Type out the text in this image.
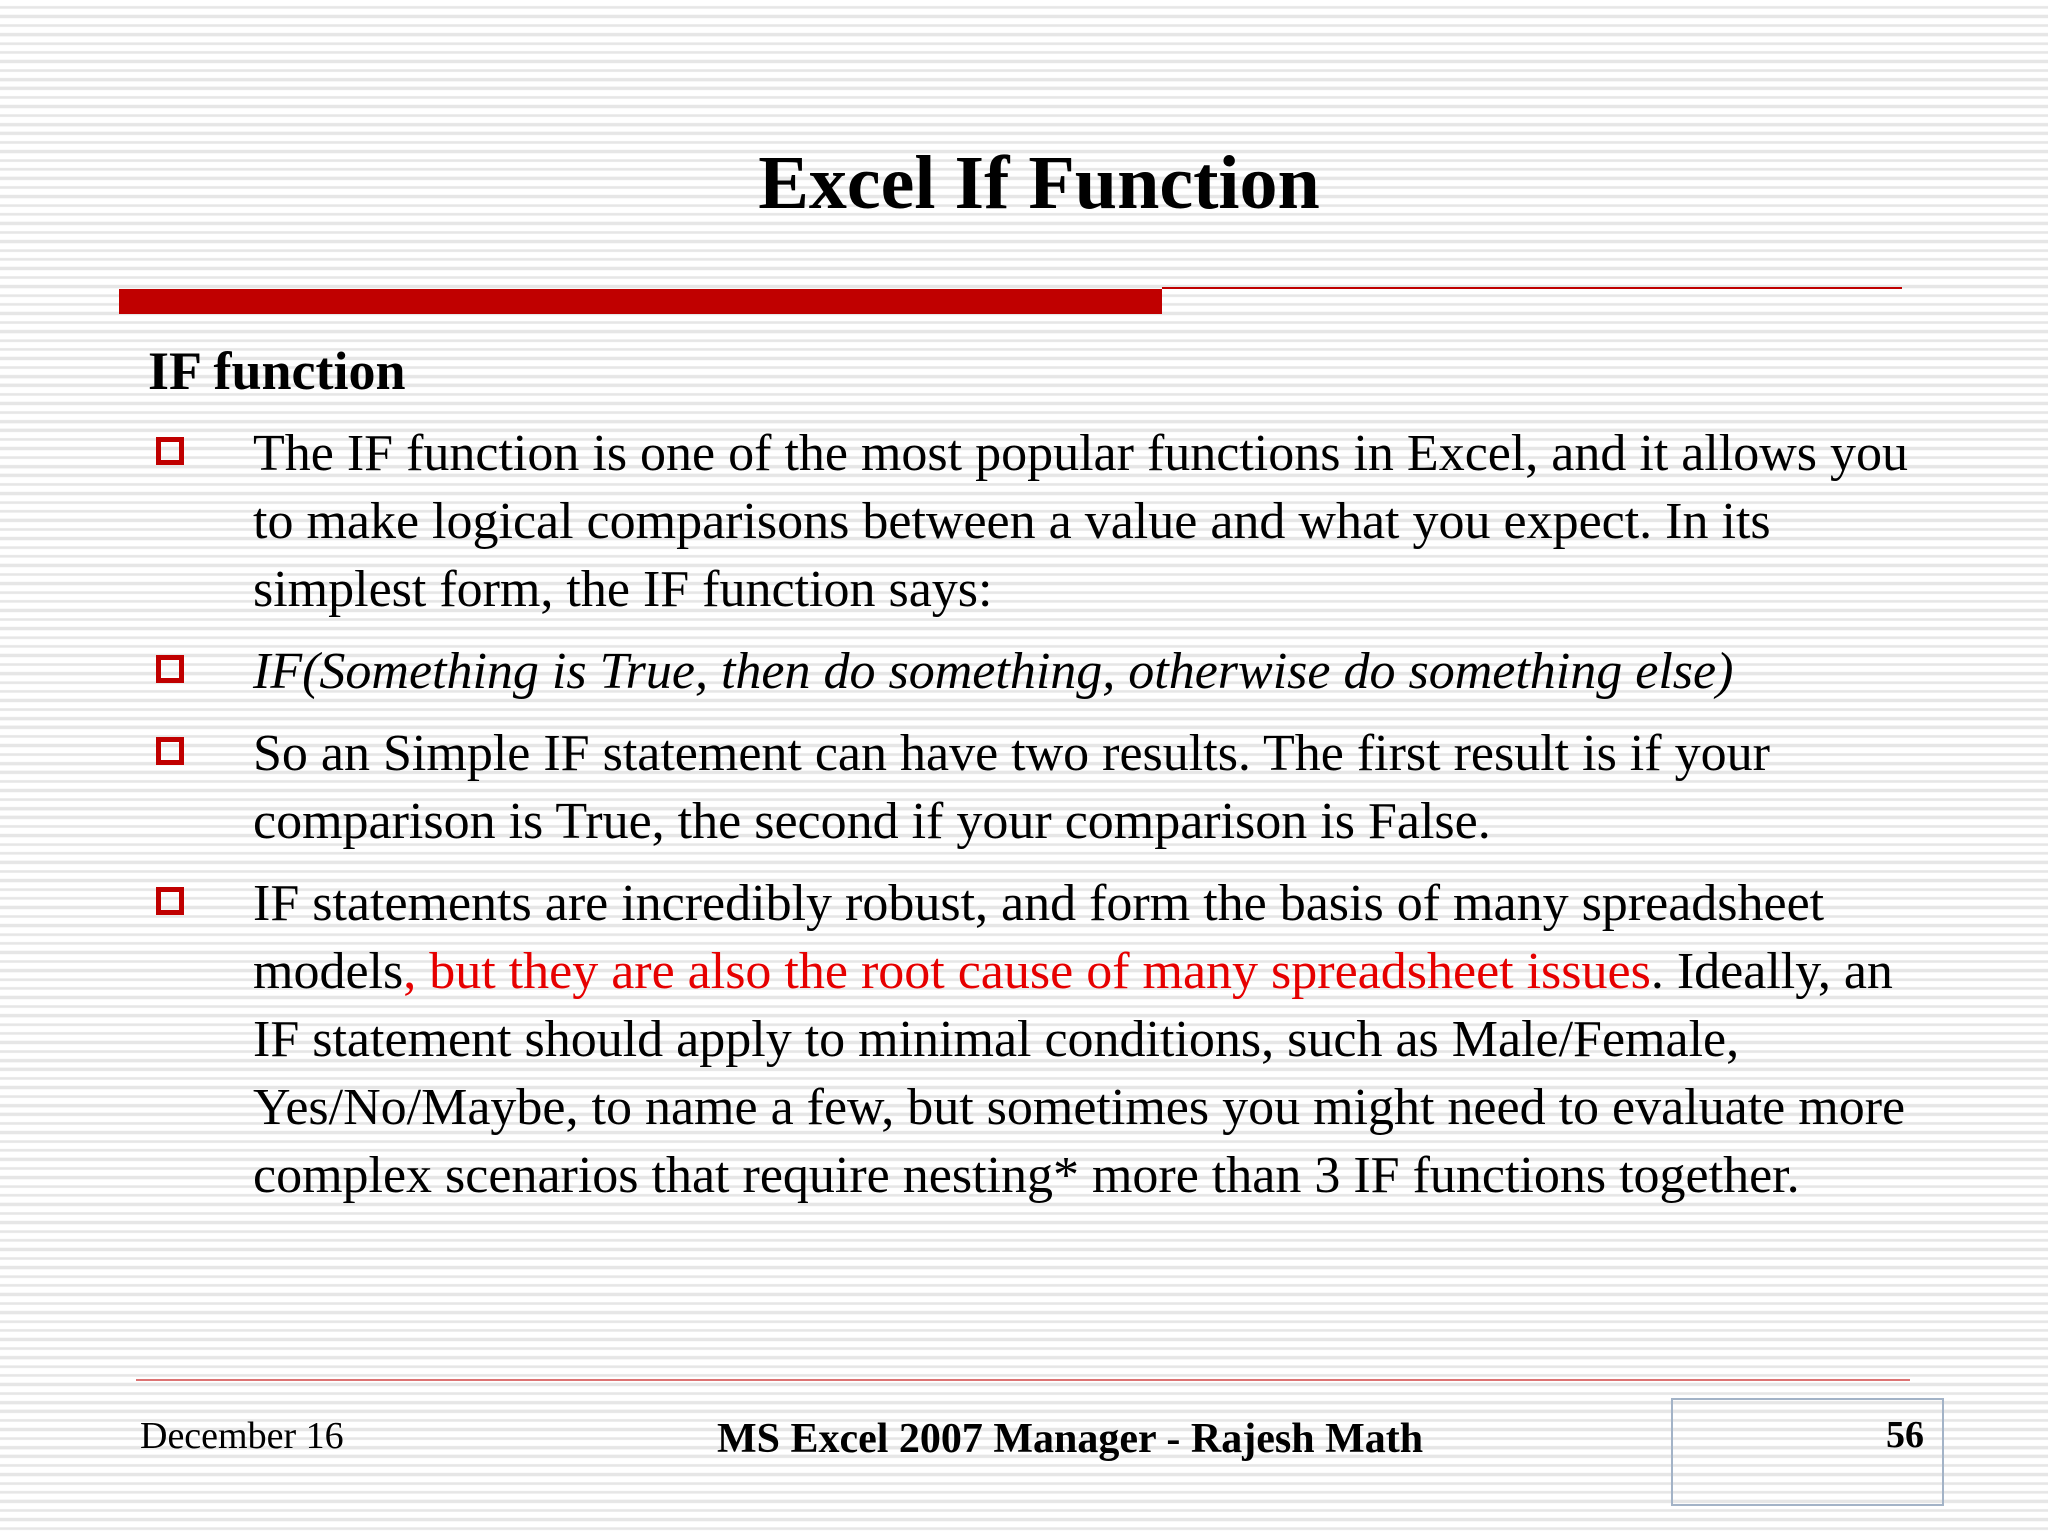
Excel If Function
IF function
The IF function is one of the most popular functions in Excel, and it allows you to make logical comparisons between a value and what you expect. In its simplest form, the IF function says:
IF(Something is True, then do something, otherwise do something else)
So an Simple IF statement can have two results. The first result is if your comparison is True, the second if your comparison is False.
IF statements are incredibly robust, and form the basis of many spreadsheet models, but they are also the root cause of many spreadsheet issues. Ideally, an IF statement should apply to minimal conditions, such as Male/Female, Yes/No/Maybe, to name a few, but sometimes you might need to evaluate more complex scenarios that require nesting* more than 3 IF functions together.
December 16	MS Excel 2007 Manager - Rajesh Math	56
